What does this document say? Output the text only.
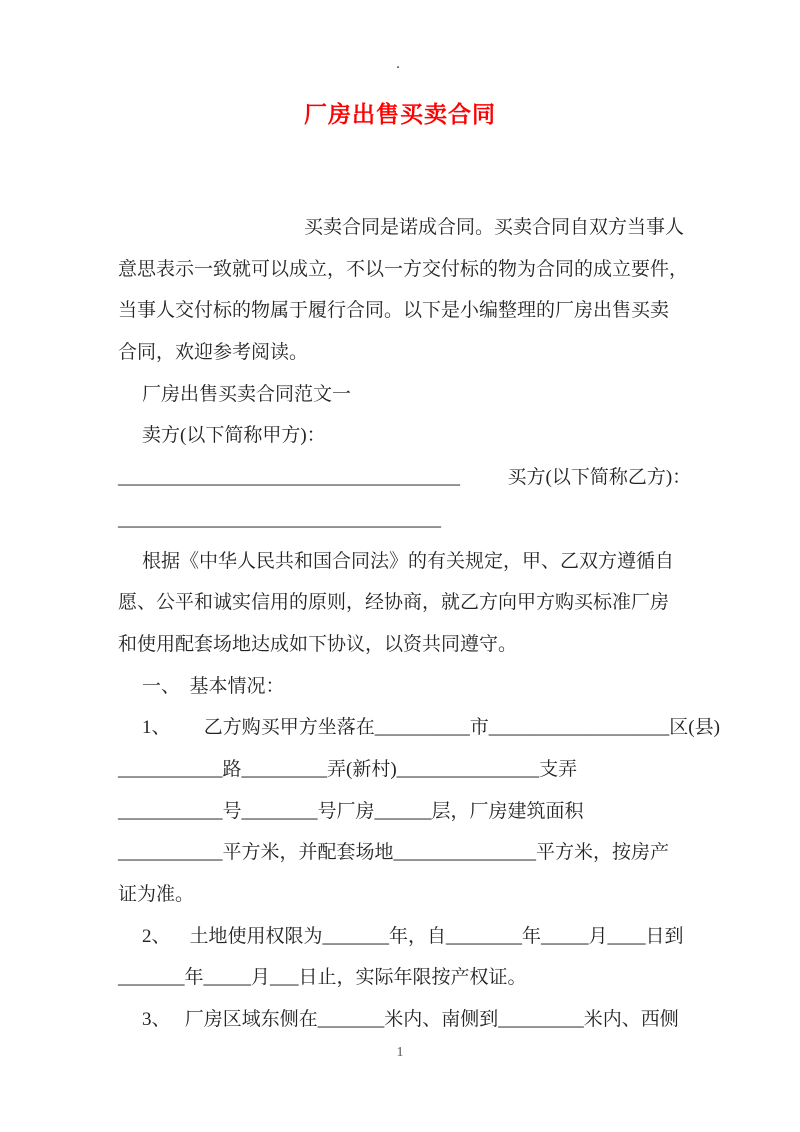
.
厂房出售买卖合同
买卖合同是诺成合同。买卖合同自双方当事人
意思表示一致就可以成立，不以一方交付标的物为合同的成立要件，
当事人交付标的物属于履行合同。以下是小编整理的厂房出售买卖
合同，欢迎参考阅读。
厂房出售买卖合同范文一
卖方(以下简称甲方)：
____________________________________          买方(以下简称乙方)：
__________________________________
根据《中华人民共和国合同法》的有关规定，甲、乙双方遵循自
愿、公平和诚实信用的原则，经协商，就乙方向甲方购买标准厂房
和使用配套场地达成如下协议，以资共同遵守。
一、  基本情况：
1、       乙方购买甲方坐落在__________市___________________区(县)
___________路_________弄(新村)_______________支弄
___________号________号厂房______层，厂房建筑面积
___________平方米，并配套场地_______________平方米，按房产
证为准。
2、    土地使用权限为_______年，自________年_____月____日到
_______年_____月___日止，实际年限按产权证。
3、   厂房区域东侧在_______米内、南侧到_________米内、西侧
1
